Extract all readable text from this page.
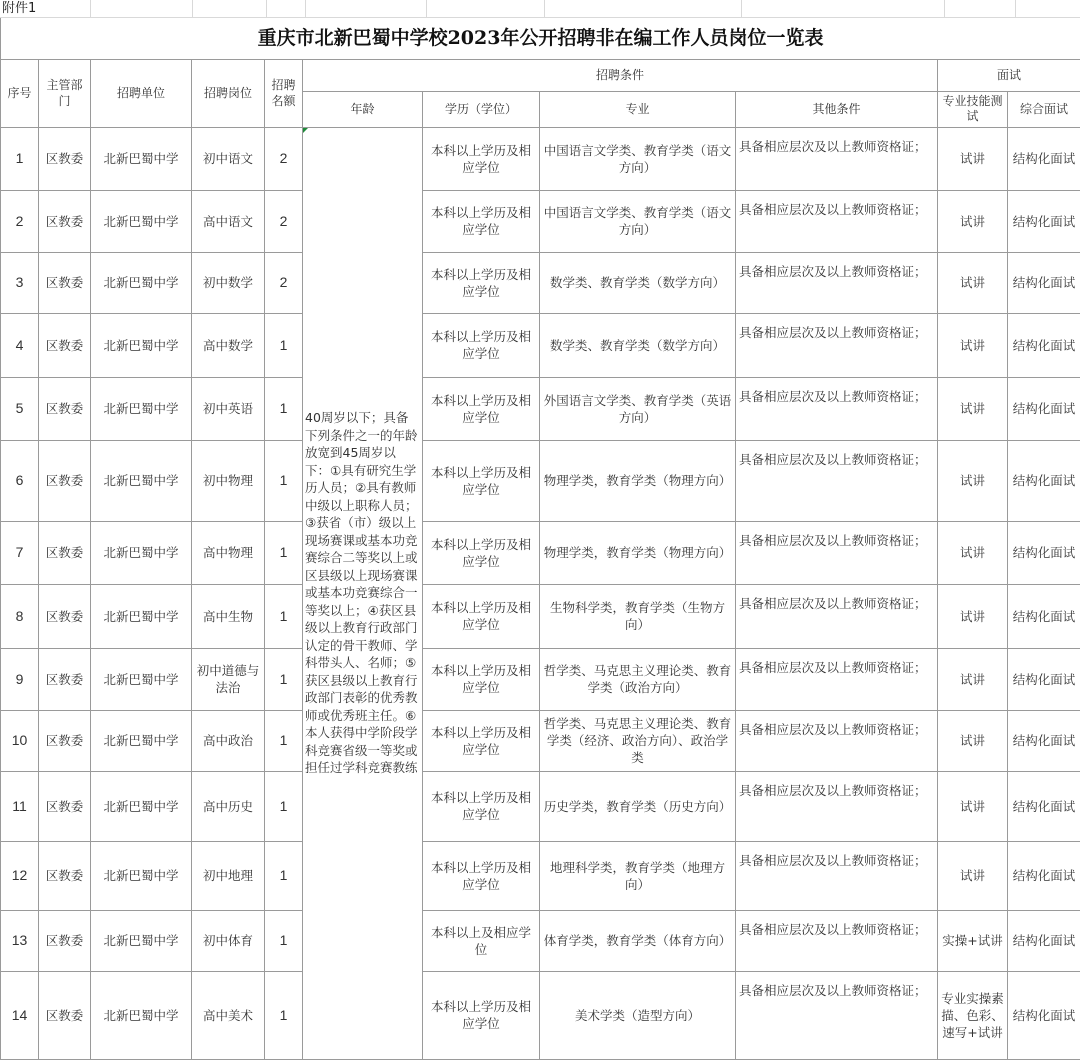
附件1
重庆市北新巴蜀中学校2023年公开招聘非在编工作人员岗位一览表										
序号	主管部门	招聘单位	招聘岗位	招聘名额	招聘条件				面试	
					年龄	学历（学位）	专业	其他条件	专业技能测试	综合面试
1	区教委	北新巴蜀中学	初中语文	2	40周岁以下；具备下列条件之一的年龄放宽到45周岁以下：①具有研究生学历人员；②具有教师中级以上职称人员；③获省（市）级以上现场赛课或基本功竞赛综合二等奖以上或区县级以上现场赛课或基本功竞赛综合一等奖以上；④获区县级以上教育行政部门认定的骨干教师、学科带头人、名师；⑤获区县级以上教育行政部门表彰的优秀教师或优秀班主任。⑥ 本人获得中学阶段学科竞赛省级一等奖或担任过学科竞赛教练	本科以上学历及相应学位	中国语言文学类、教育学类（语文方向）	具备相应层次及以上教师资格证；	试讲	结构化面试
2	区教委	北新巴蜀中学	高中语文	2		本科以上学历及相应学位	中国语言文学类、教育学类（语文方向）	具备相应层次及以上教师资格证；	试讲	结构化面试
3	区教委	北新巴蜀中学	初中数学	2		本科以上学历及相应学位	数学类、教育学类（数学方向）	具备相应层次及以上教师资格证；	试讲	结构化面试
4	区教委	北新巴蜀中学	高中数学	1		本科以上学历及相应学位	数学类、教育学类（数学方向）	具备相应层次及以上教师资格证；	试讲	结构化面试
5	区教委	北新巴蜀中学	初中英语	1		本科以上学历及相应学位	外国语言文学类、教育学类（英语方向）	具备相应层次及以上教师资格证；	试讲	结构化面试
6	区教委	北新巴蜀中学	初中物理	1		本科以上学历及相应学位	物理学类，教育学类（物理方向）	具备相应层次及以上教师资格证；	试讲	结构化面试
7	区教委	北新巴蜀中学	高中物理	1		本科以上学历及相应学位	物理学类，教育学类（物理方向）	具备相应层次及以上教师资格证；	试讲	结构化面试
8	区教委	北新巴蜀中学	高中生物	1		本科以上学历及相应学位	生物科学类，教育学类（生物方向）	具备相应层次及以上教师资格证；	试讲	结构化面试
9	区教委	北新巴蜀中学	初中道德与法治	1		本科以上学历及相应学位	哲学类、马克思主义理论类、教育学类（政治方向）	具备相应层次及以上教师资格证；	试讲	结构化面试
10	区教委	北新巴蜀中学	高中政治	1		本科以上学历及相应学位	哲学类、马克思主义理论类、教育学类（经济、政治方向）、政治学类	具备相应层次及以上教师资格证；	试讲	结构化面试
11	区教委	北新巴蜀中学	高中历史	1		本科以上学历及相应学位	历史学类，教育学类（历史方向）	具备相应层次及以上教师资格证；	试讲	结构化面试
12	区教委	北新巴蜀中学	初中地理	1		本科以上学历及相应学位	地理科学类，教育学类（地理方向）	具备相应层次及以上教师资格证；	试讲	结构化面试
13	区教委	北新巴蜀中学	初中体育	1		本科以上及相应学位	体育学类，教育学类（体育方向）	具备相应层次及以上教师资格证；	实操+试讲	结构化面试
14	区教委	北新巴蜀中学	高中美术	1		本科以上学历及相应学位	美术学类（造型方向）	具备相应层次及以上教师资格证；	专业实操素描、色彩、速写+试讲	结构化面试
